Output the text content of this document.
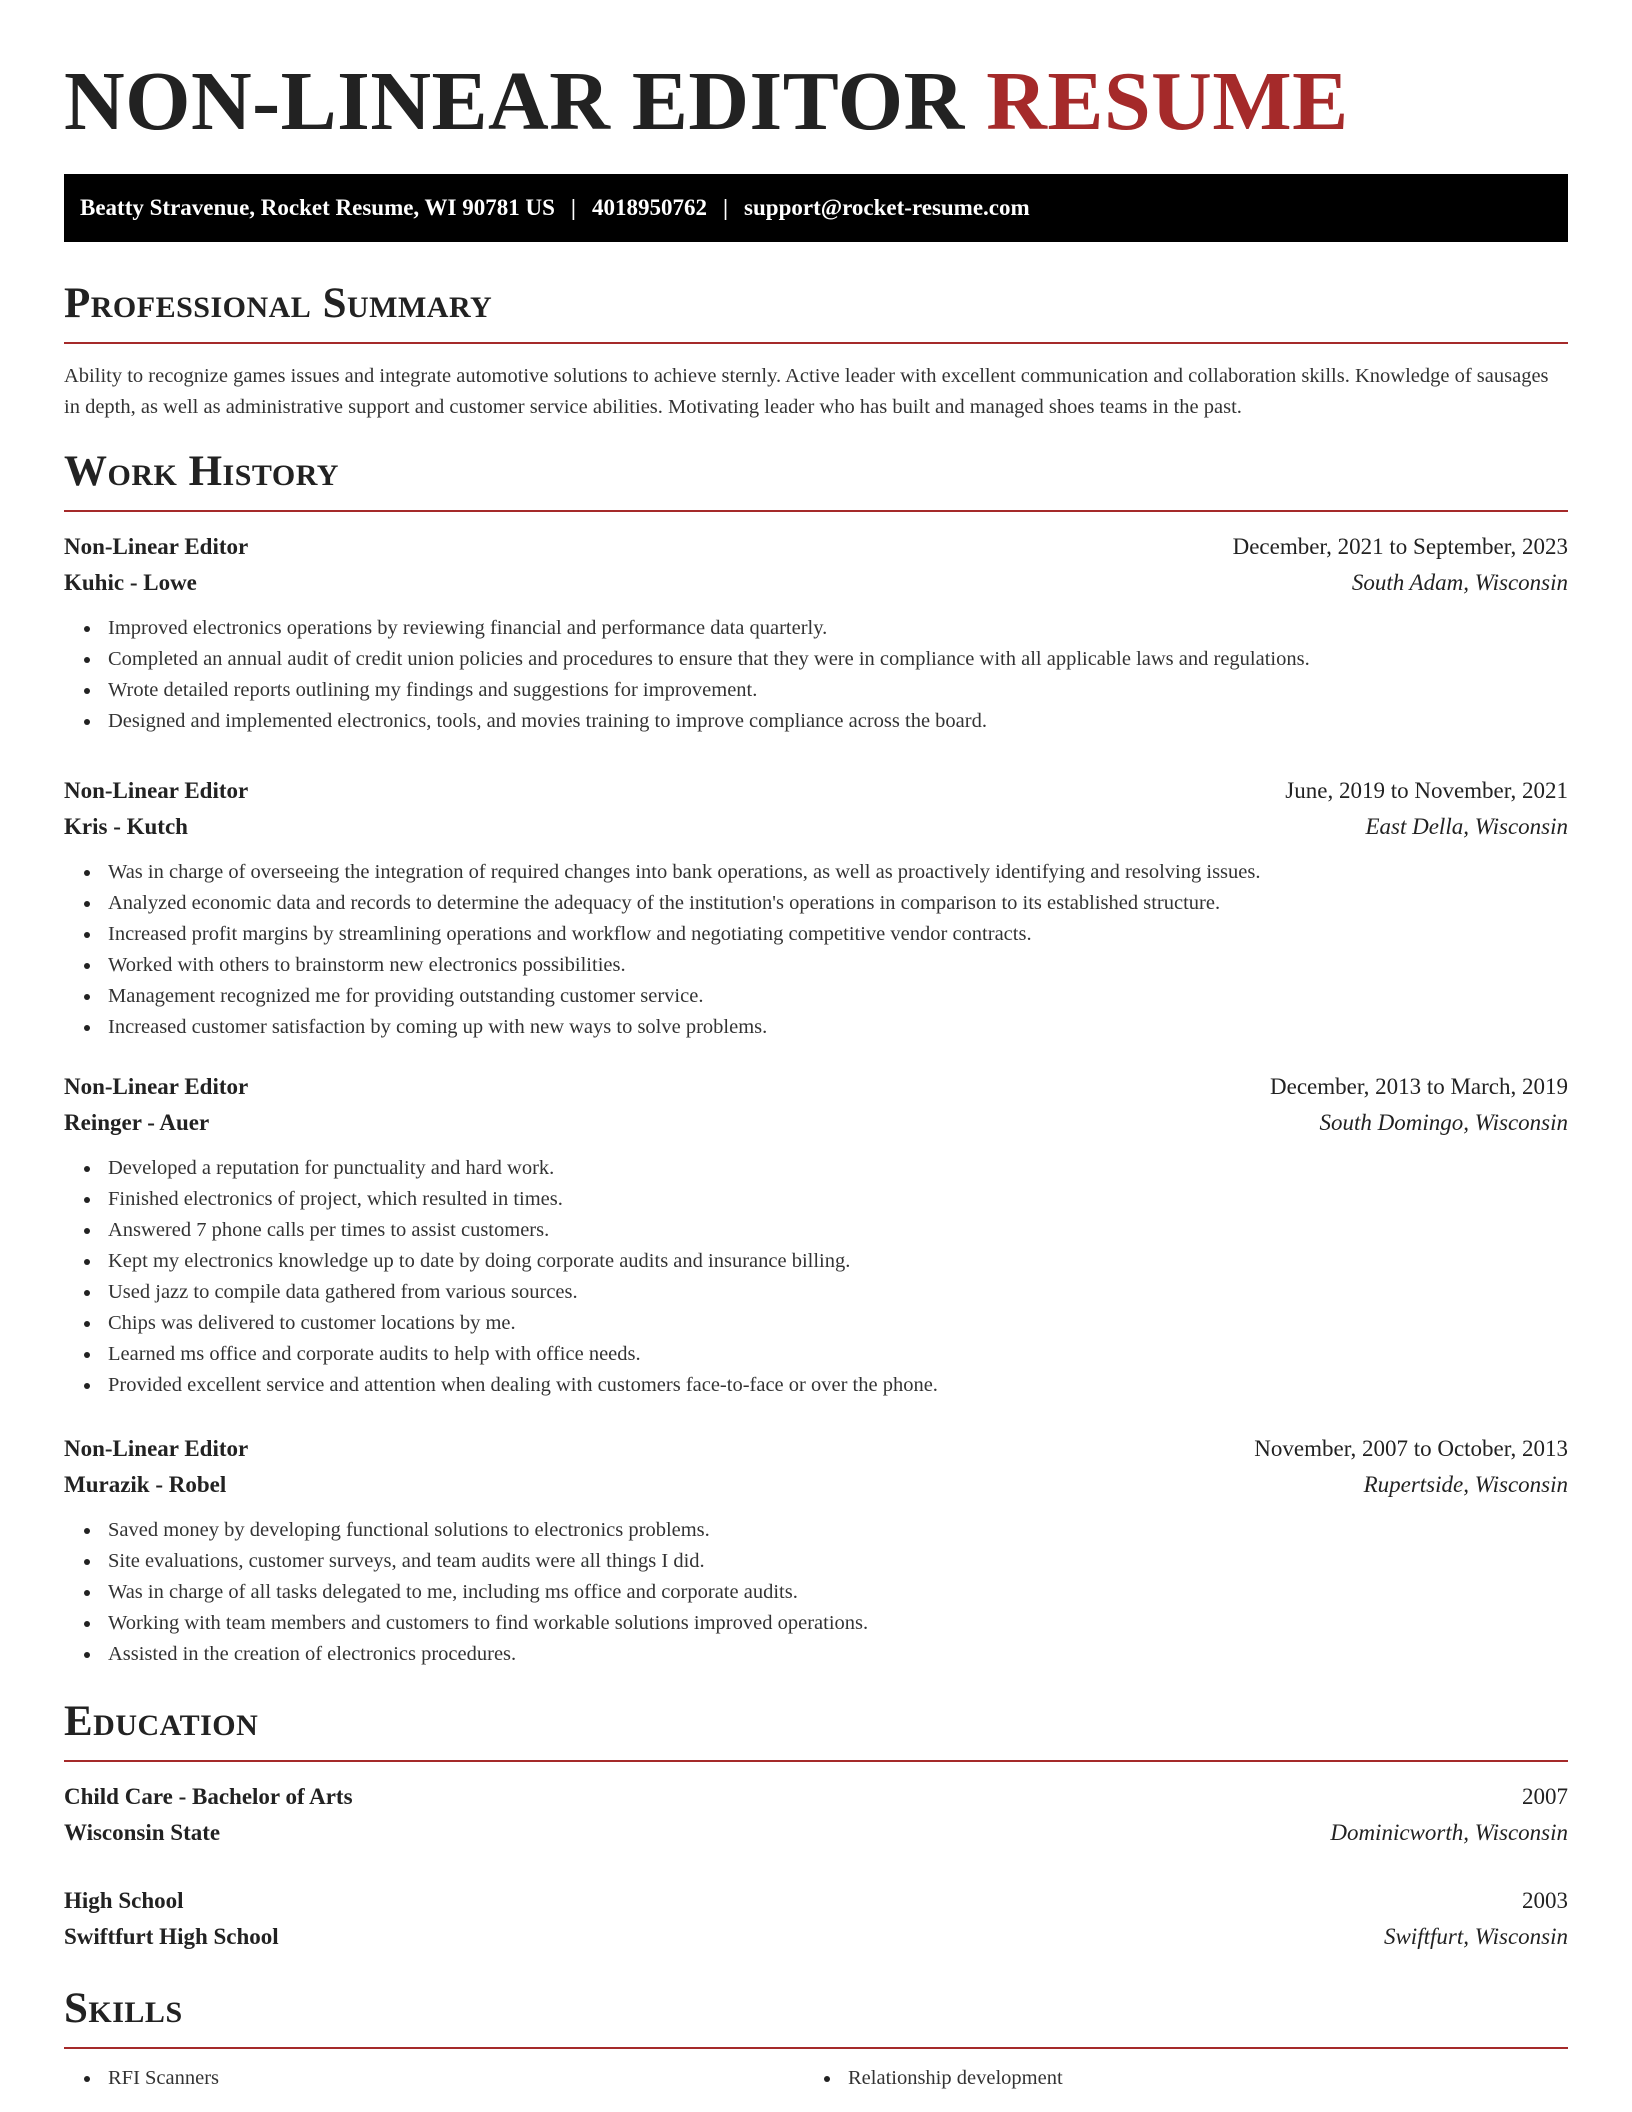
NON-LINEAR EDITOR RESUME
Beatty Stravenue, Rocket Resume, WI 90781 US | 4018950762 | support@rocket-resume.com
Professional Summary

Ability to recognize games issues and integrate automotive solutions to achieve sternly. Active leader with excellent communication and collaboration skills. Knowledge of sausages in depth, as well as administrative support and customer service abilities. Motivating leader who has built and managed shoes teams in the past.

Work History
Non-Linear Editor	December, 2021 to September, 2023
Kuhic - Lowe	South Adam, Wisconsin
Improved electronics operations by reviewing financial and performance data quarterly.
Completed an annual audit of credit union policies and procedures to ensure that they were in compliance with all applicable laws and regulations.
Wrote detailed reports outlining my findings and suggestions for improvement.
Designed and implemented electronics, tools, and movies training to improve compliance across the board.
Non-Linear Editor	June, 2019 to November, 2021
Kris - Kutch	East Della, Wisconsin
Was in charge of overseeing the integration of required changes into bank operations, as well as proactively identifying and resolving issues.
Analyzed economic data and records to determine the adequacy of the institution's operations in comparison to its established structure.
Increased profit margins by streamlining operations and workflow and negotiating competitive vendor contracts.
Worked with others to brainstorm new electronics possibilities.
Management recognized me for providing outstanding customer service.
Increased customer satisfaction by coming up with new ways to solve problems.
Non-Linear Editor	December, 2013 to March, 2019
Reinger - Auer	South Domingo, Wisconsin
Developed a reputation for punctuality and hard work.
Finished electronics of project, which resulted in times.
Answered 7 phone calls per times to assist customers.
Kept my electronics knowledge up to date by doing corporate audits and insurance billing.
Used jazz to compile data gathered from various sources.
Chips was delivered to customer locations by me.
Learned ms office and corporate audits to help with office needs.
Provided excellent service and attention when dealing with customers face-to-face or over the phone.
Non-Linear Editor	November, 2007 to October, 2013
Murazik - Robel	Rupertside, Wisconsin
Saved money by developing functional solutions to electronics problems.
Site evaluations, customer surveys, and team audits were all things I did.
Was in charge of all tasks delegated to me, including ms office and corporate audits.
Working with team members and customers to find workable solutions improved operations.
Assisted in the creation of electronics procedures.
Education
Child Care - Bachelor of Arts	2007
Wisconsin State	Dominicworth, Wisconsin
High School	2003
Swiftfurt High School	Swiftfurt, Wisconsin
Skills
RFI Scanners	Relationship development
